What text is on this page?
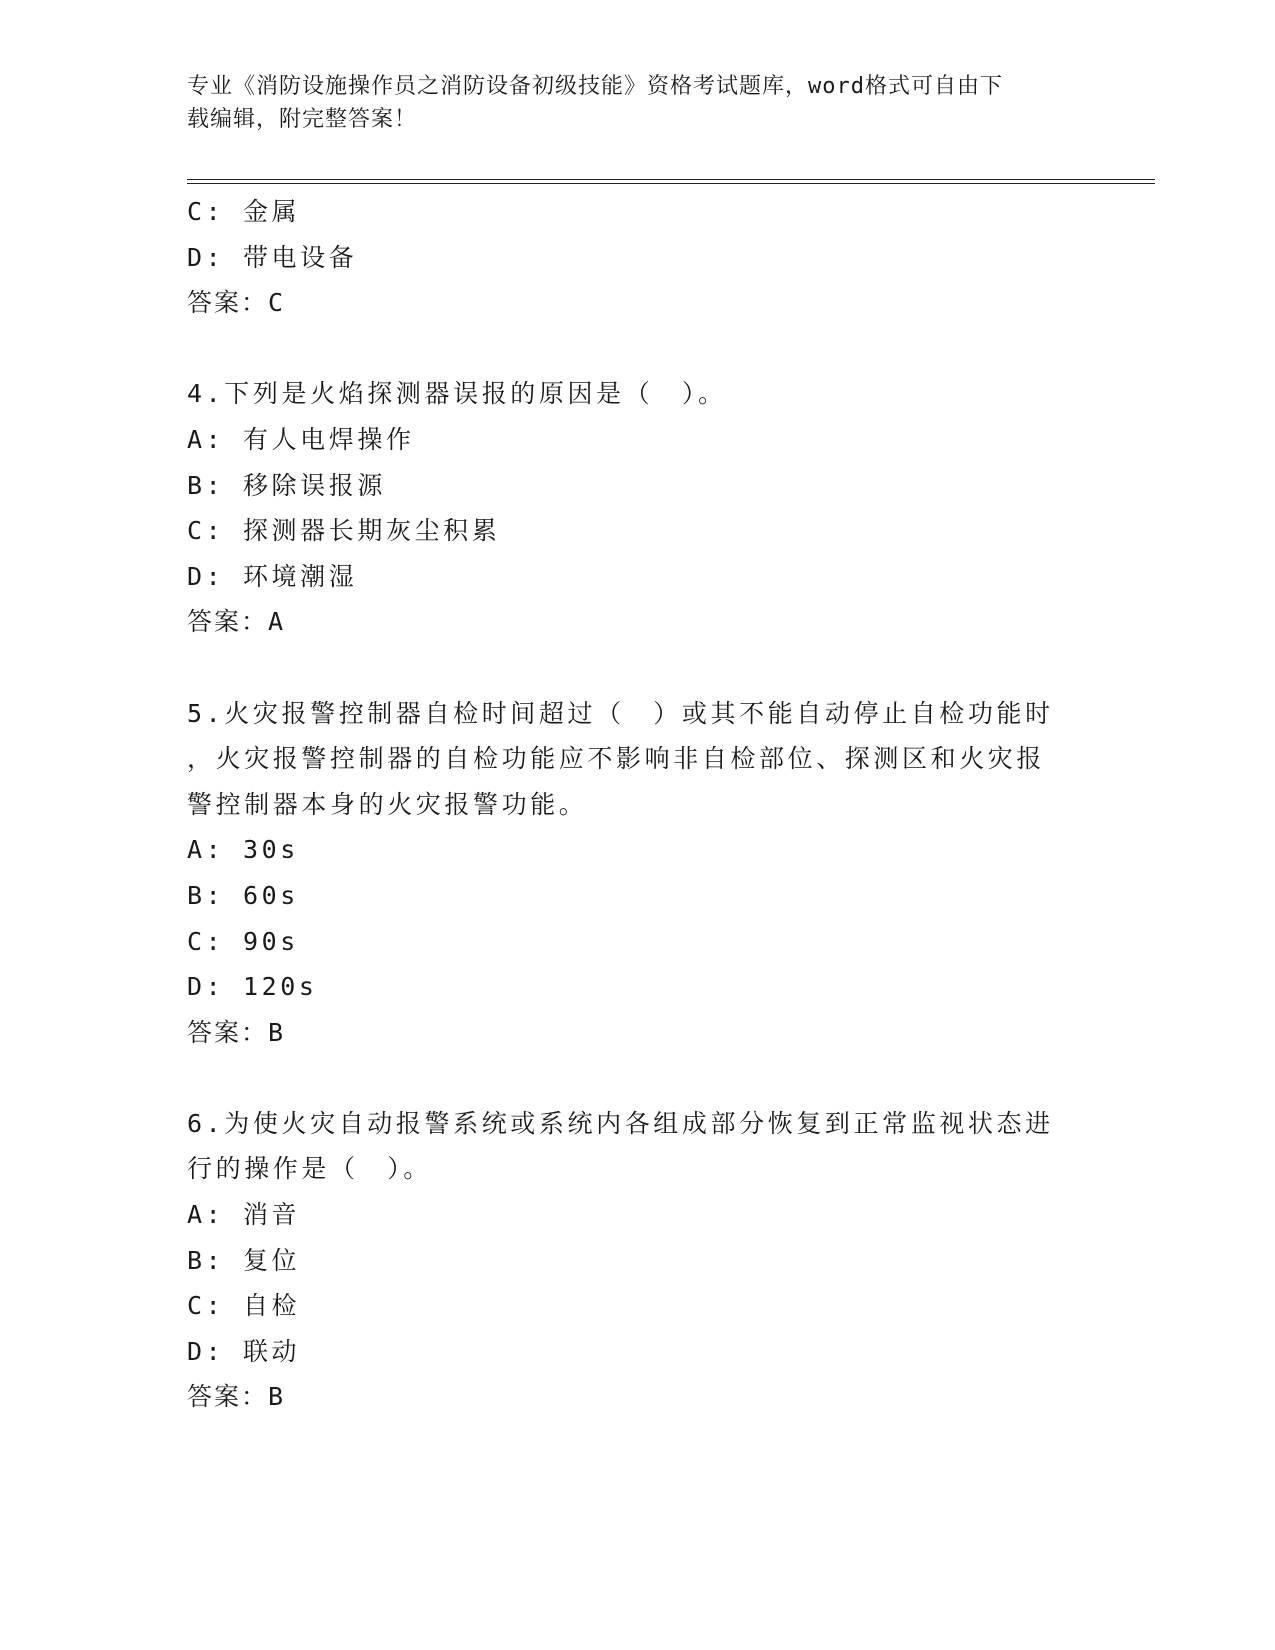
专业《消防设施操作员之消防设备初级技能》资格考试题库，word格式可自由下
载编辑，附完整答案！
C: 金属
D: 带电设备
答案：C
4.下列是火焰探测器误报的原因是（　）。
A: 有人电焊操作
B: 移除误报源
C: 探测器长期灰尘积累
D: 环境潮湿
答案：A
5.火灾报警控制器自检时间超过（　）或其不能自动停止自检功能时
，火灾报警控制器的自检功能应不影响非自检部位、探测区和火灾报
警控制器本身的火灾报警功能。
A: 30s
B: 60s
C: 90s
D: 120s
答案：B
6.为使火灾自动报警系统或系统内各组成部分恢复到正常监视状态进
行的操作是（　）。
A: 消音
B: 复位
C: 自检
D: 联动
答案：B
